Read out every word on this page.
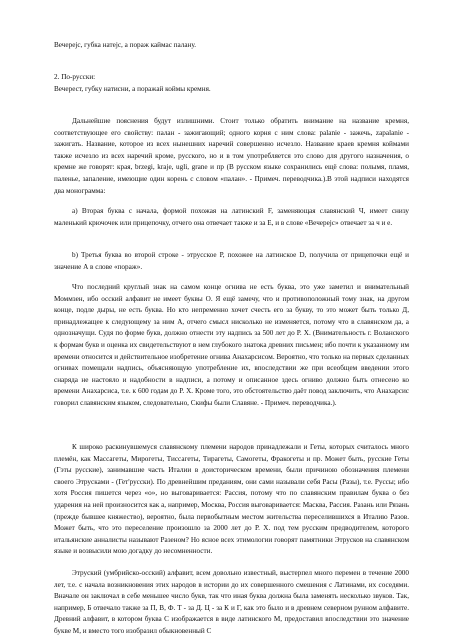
Вечерејс, губка натејс, а пораж каймас палану.
2. По-русски:
Вечерест, губку натисни, а поражай коймы кремня.
Дальнейшие пояснения будут излишними. Стоит только обратить внимание на название кремня, соответствующее его свойству: палан - зажигающий; одного корня с ним слова: palanie - зажечь, zapalanie - зажигать. Название, которое из всех нынешних наречий совершенно исчезло. Название краев кремня коймами также исчезло из всех наречий кроме, русского, но и в том употребляется это слово для другого назначения, о кремне же говорят: края, brzegi, kraje, ugli, grane и пр (В русском языке сохранились ещё слова: полымя, пламя, паленье, запаление, имеющие один корень с словом «палан». - Примеч. переводчика.).В этой надписи находятся два монограмма:
а) Вторая буква с начала, формой похожая на латинский F, заменяющая славянский Ч, имеет снизу маленький крючочек или прицепочку, отчего она отвечает также и за Е, и в слове «Вечерејс» отвечает за ч и е.
b) Третья буква во второй строке - этрусское Р, похожее на латинское D, получила от прицепочки ещё и значение А в слове «пораж».
Что последний круглый знак на самом конце огнива не есть буква, это уже заметил и внимательный Моммзен, ибо осский алфавит не имеет буквы О. Я ещё замечу, что и противоположный тому знак, на другом конце, подле дыры, не есть буква. Но кто непременно хочет счесть его за букву, то это может быть только Д, принадлежащее к следующему за ним А, отчего смысл нисколько не изменяется, потому что в славянском да, а однозначущи. Судя по форме букв, должно отнести эту надпись за 500 лет до Р. Х. (Внимательность г. Воланского к формам букв и оценка их свидетельствуют в нем глубокого знатока древних письмен; ибо почти к указанному им времени относится и действительное изобретение огнива Анахарсисом. Вероятно, что только на первых сделанных огнивах помещали надпись, объясняющую употребление их, впоследствии же при всеобщем введении этого снаряда не настояло и надобности в надписи, а потому и описанное здесь огниво должно быть отнесено ко времени Анахарсиса, т.е. к 600 годам до Р. Х. Кроме того, это обстоятельство даёт повод заключить, что Анахарсис говорил славянским языком, следовательно, Скифы были Славяне. - Примеч. переводчика.).
К широко раскинувшемуся славянскому племени народов принадлежали и Геты, которых считалось много племён, как Массагеты, Мирогеты, Тиссагеты, Тирагеты, Самогеты, Фракогеты и пр. Может быть, русские Геты (Гэты русские), занимавшие часть Италии в доисторическом времени, были причиною обозначения племени своего Этрусками - (Гет'русски). По древнейшим преданиям, они сами называли себя Расы (Разы), т.е. Руссы; ибо хотя Россия пишется через «о», но выговаривается: Рассия, потому что по славянским правилам буква о без ударения на ней произносится как а, например, Москва, Россия выговаривается: Масква, Рассия. Разань или Рязань (прежде бывшее княжество), вероятно, была первобытным местом жительства переселившихся в Италию Разов. Может быть, что это переселение произошло за 2000 лет до Р. Х. под тем русским предводителем, которого итальянские анналисты называют Разеном? Но ясное всех этимологии говорят памятники Этрусков на славянском языке и возвысили мою догадку до несомненности.
Этруский (умбрийско-осский) алфавит, всем довольно известный, выстерпел много перемен в течение 2000 лет, т.е. с начала возникновения этих народов в истории до их совершенного смешения с Латинами, их соседями. Вначале он заключал в себе меньшее число букв, так что иная буква должна была заменять несколько звуков. Так, например, Б отвечало также за П, В, Ф. Т - за Д. Ц - за К и Г, как это было и в древнем северном рунном алфавите. Древний алфавит, в котором буква С изображается в виде латинского М, предоставил впоследствии это значение букве М, и вместо того изобразил обыкновенный С
